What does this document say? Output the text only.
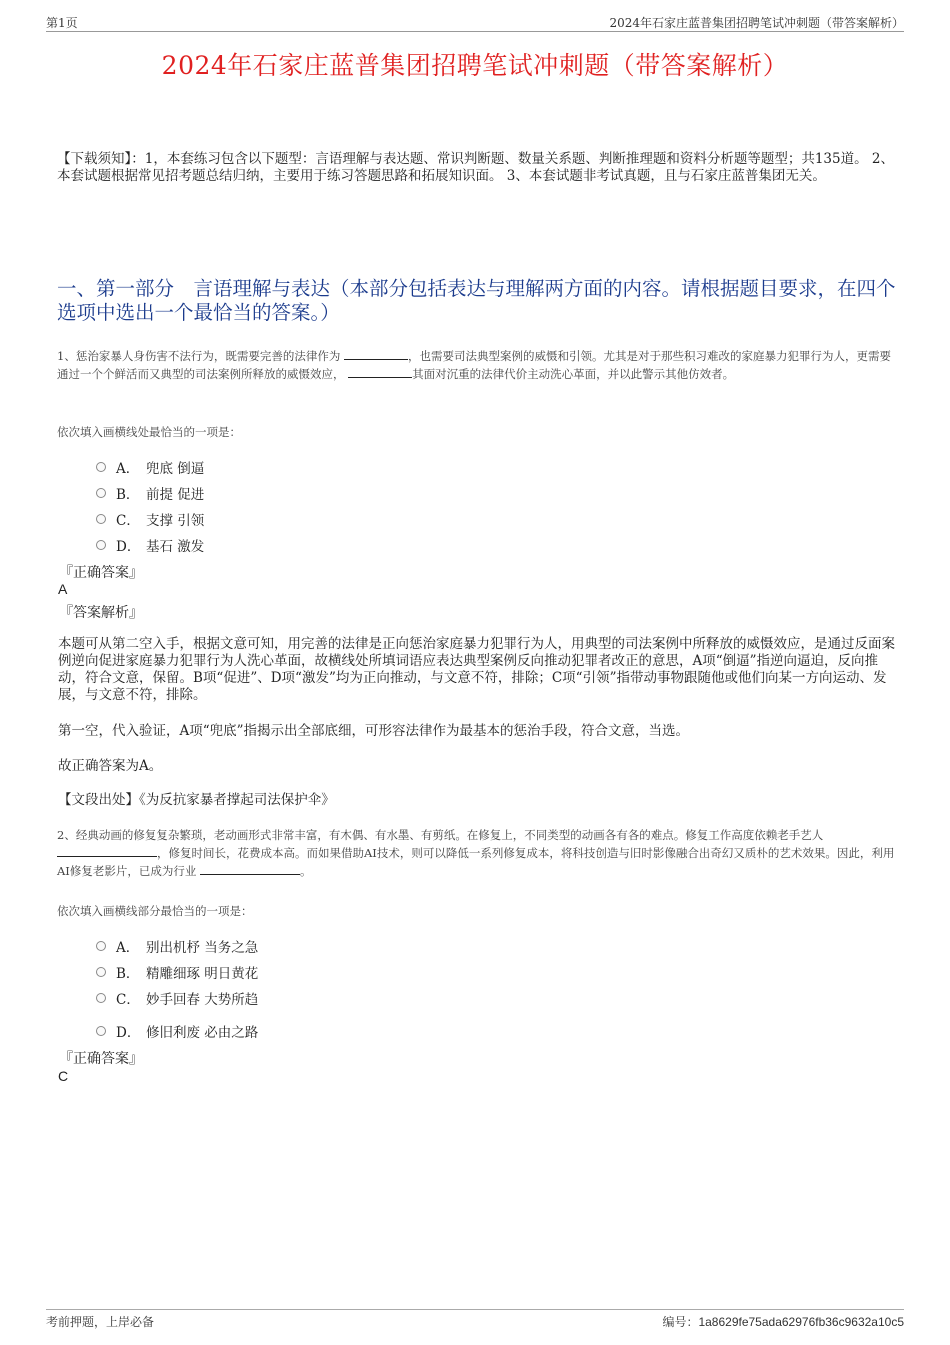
第1页	2024年石家庄蓝普集团招聘笔试冲刺题（带答案解析）
2024年石家庄蓝普集团招聘笔试冲刺题（带答案解析）
【下载须知】：1，本套练习包含以下题型：言语理解与表达题、常识判断题、数量关系题、判断推理题和资料分析题等题型；共135道。 2、本套试题根据常见招考题总结归纳，主要用于练习答题思路和拓展知识面。 3、本套试题非考试真题，且与石家庄蓝普集团无关。
一、第一部分　言语理解与表达（本部分包括表达与理解两方面的内容。请根据题目要求，在四个选项中选出一个最恰当的答案。）
1、惩治家暴人身伤害不法行为，既需要完善的法律作为	，也需要司法典型案例的威慑和引领。尤其是对于那些积习难改的家庭暴力犯罪行为人，更需要通过一个个鲜活而又典型的司法案例所释放的威慑效应，	其面对沉重的法律代价主动洗心革面，并以此警示其他仿效者。
依次填入画横线处最恰当的一项是：
A． 兜底 倒逼
B． 前提 促进
C． 支撑 引领
D． 基石 激发
『正确答案』
A
『答案解析』
本题可从第二空入手，根据文意可知，用完善的法律是正向惩治家庭暴力犯罪行为人，用典型的司法案例中所释放的威慑效应，是通过反面案例逆向促进家庭暴力犯罪行为人洗心革面，故横线处所填词语应表达典型案例反向推动犯罪者改正的意思，A项“倒逼”指逆向逼迫，反向推动，符合文意，保留。B项“促进”、D项“激发”均为正向推动，与文意不符，排除；C项“引领”指带动事物跟随他或他们向某一方向运动、发展，与文意不符，排除。
第一空，代入验证，A项“兜底”指揭示出全部底细，可形容法律作为最基本的惩治手段，符合文意，当选。
故正确答案为A。
【文段出处】《为反抗家暴者撑起司法保护伞》
2、经典动画的修复复杂繁琐，老动画形式非常丰富，有木偶、有水墨、有剪纸。在修复上，不同类型的动画各有各的难点。修复工作高度依赖老手艺人 ，修复时间长，花费成本高。而如果借助AI技术，则可以降低一系列修复成本，将科技创造与旧时影像融合出奇幻又质朴的艺术效果。因此，利用AI修复老影片，已成为行业	。
依次填入画横线部分最恰当的一项是：
A． 别出机杼 当务之急
B． 精雕细琢 明日黄花
C． 妙手回春 大势所趋
D． 修旧利废 必由之路
『正确答案』
C
考前押题，上岸必备	编号：1a8629fe75ada62976fb36c9632a10c5
